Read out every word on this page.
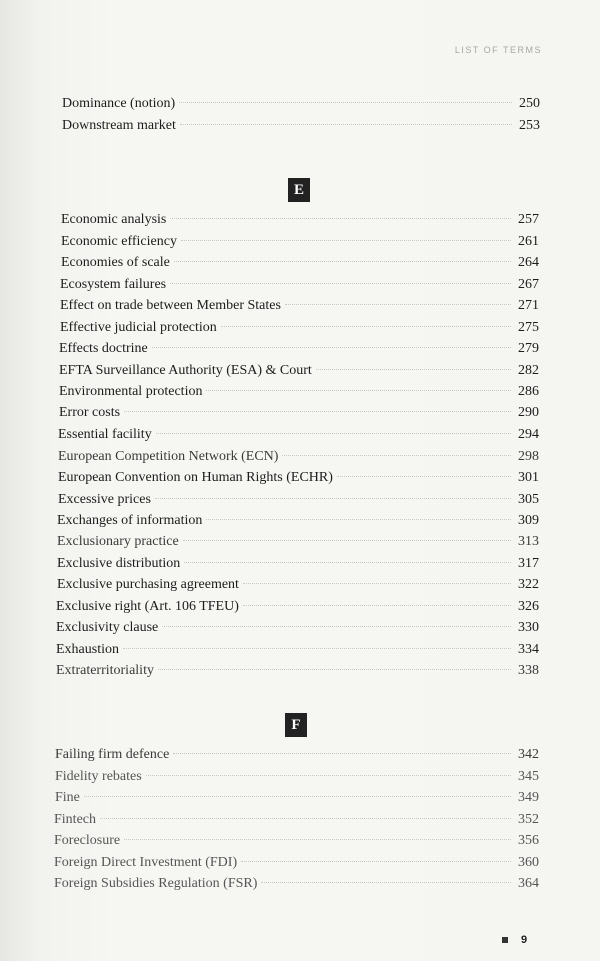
LIST OF TERMS
Dominance (notion)	250
Downstream market	253
E
Economic analysis	257
Economic efficiency	261
Economies of scale	264
Ecosystem failures	267
Effect on trade between Member States	271
Effective judicial protection	275
Effects doctrine	279
EFTA Surveillance Authority (ESA) & Court	282
Environmental protection	286
Error costs	290
Essential facility	294
European Competition Network (ECN)	298
European Convention on Human Rights (ECHR)	301
Excessive prices	305
Exchanges of information	309
Exclusionary practice	313
Exclusive distribution	317
Exclusive purchasing agreement	322
Exclusive right (Art. 106 TFEU)	326
Exclusivity clause	330
Exhaustion	334
Extraterritoriality	338
F
Failing firm defence	342
Fidelity rebates	345
Fine	349
Fintech	352
Foreclosure	356
Foreign Direct Investment (FDI)	360
Foreign Subsidies Regulation (FSR)	364
9
